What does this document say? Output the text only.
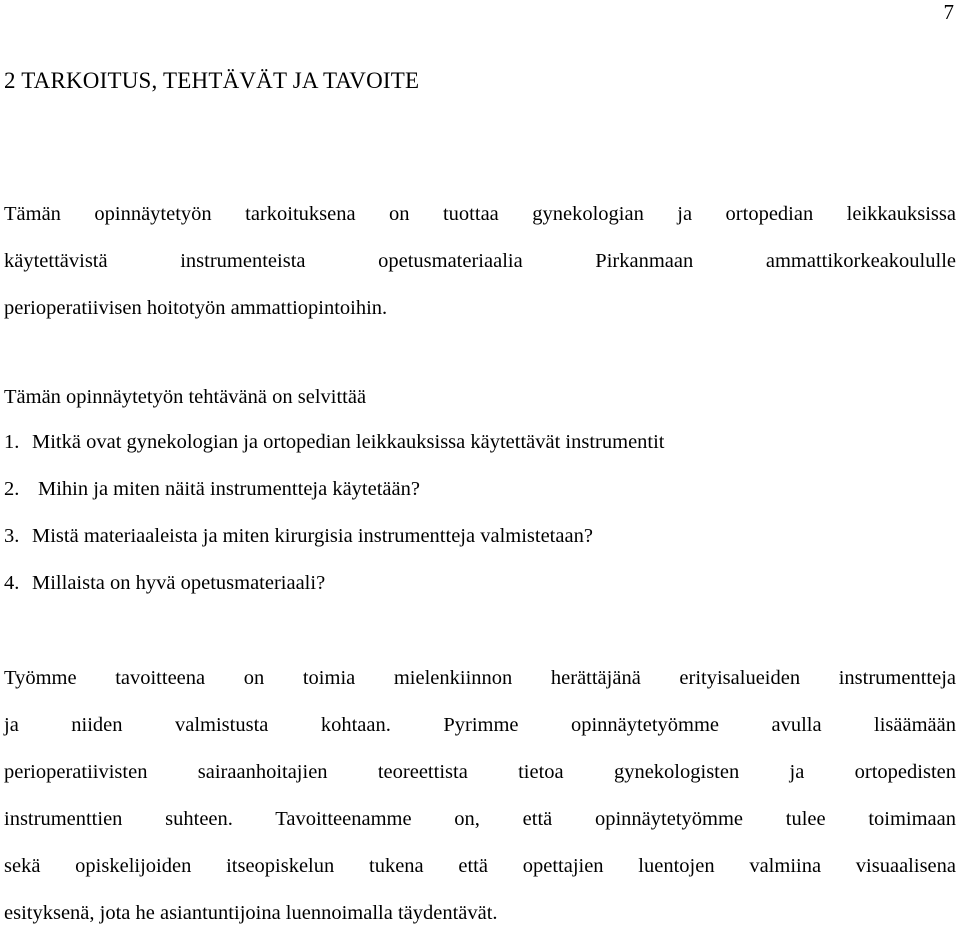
7
2 TARKOITUS, TEHTÄVÄT JA TAVOITE
Tämän opinnäytetyön tarkoituksena on tuottaa gynekologian ja ortopedian leikkauksissa
käytettävistä instrumenteista opetusmateriaalia Pirkanmaan ammattikorkeakoululle
perioperatiivisen hoitotyön ammattiopintoihin.

Tämän opinnäytetyön tehtävänä on selvittää

1. Mitkä ovat gynekologian ja ortopedian leikkauksissa käytettävät instrumentit
2. Mihin ja miten näitä instrumentteja käytetään?
3. Mistä materiaaleista ja miten kirurgisia instrumentteja valmistetaan?
4. Millaista on hyvä opetusmateriaali?
Työmme tavoitteena on toimia mielenkiinnon herättäjänä erityisalueiden instrumentteja
ja niiden valmistusta kohtaan. Pyrimme opinnäytetyömme avulla lisäämään
perioperatiivisten sairaanhoitajien teoreettista tietoa gynekologisten ja ortopedisten
instrumenttien suhteen. Tavoitteenamme on, että opinnäytetyömme tulee toimimaan
sekä opiskelijoiden itseopiskelun tukena että opettajien luentojen valmiina visuaalisena
esityksenä, jota he asiantuntijoina luennoimalla täydentävät.
